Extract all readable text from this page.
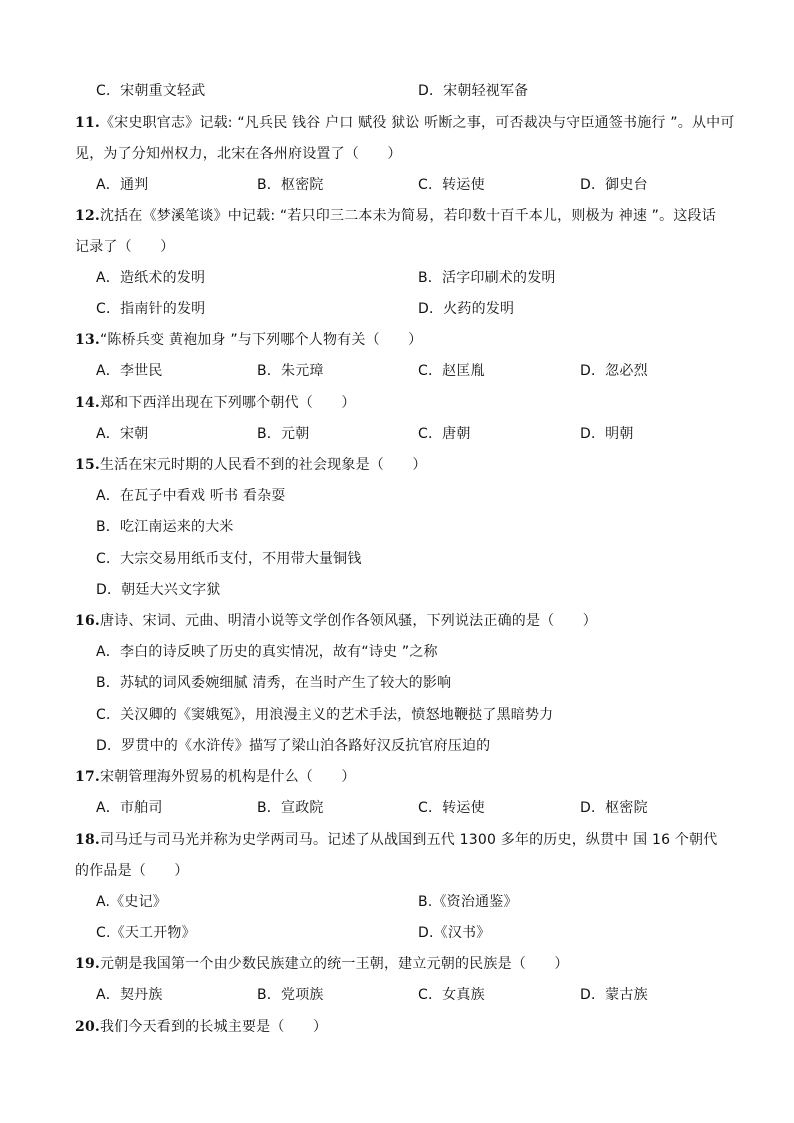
C．宋朝重文轻武	D．宋朝轻视军备
11.《宋史职官志》记载: “凡兵民 钱谷 户口 赋役 狱讼 听断之事，可否裁决与守臣通签书施行 ”。从中可
见，为了分知州权力，北宋在各州府设置了（　　）
A．通判	B．枢密院	C．转运使	D．御史台
12.沈括在《梦溪笔谈》中记载: “若只印三二本未为简易，若印数十百千本儿，则极为 神速 ”。这段话
记录了（　　）
A．造纸术的发明	B．活字印刷术的发明
C．指南针的发明	D．火药的发明
13.“陈桥兵变 黄袍加身 ”与下列哪个人物有关（　　）
A．李世民	B．朱元璋	C．赵匡胤	D．忽必烈
14.郑和下西洋出现在下列哪个朝代（　　）
A．宋朝	B．元朝	C．唐朝	D．明朝
15.生活在宋元时期的人民看不到的社会现象是（　　）
A．在瓦子中看戏 听书 看杂耍
B．吃江南运来的大米
C．大宗交易用纸币支付，不用带大量铜钱
D．朝廷大兴文字狱
16.唐诗、宋词、元曲、明清小说等文学创作各领风骚，下列说法正确的是（　　）
A．李白的诗反映了历史的真实情况，故有“诗史 ”之称
B．苏轼的词风委婉细腻 清秀，在当时产生了较大的影响
C．关汉卿的《窦娥冤》，用浪漫主义的艺术手法，愤怒地鞭挞了黑暗势力
D．罗贯中的《水浒传》描写了梁山泊各路好汉反抗官府压迫的
17.宋朝管理海外贸易的机构是什么（　　）
A．市舶司	B．宣政院	C．转运使	D．枢密院
18.司马迁与司马光并称为史学两司马。记述了从战国到五代 1300 多年的历史，纵贯中 国 16 个朝代
的作品是（　　）
A.《史记》	B.《资治通鉴》
C.《天工开物》	D.《汉书》
19.元朝是我国第一个由少数民族建立的统一王朝，建立元朝的民族是（　　）
A．契丹族	B．党项族	C．女真族	D．蒙古族
20.我们今天看到的长城主要是（　　）
